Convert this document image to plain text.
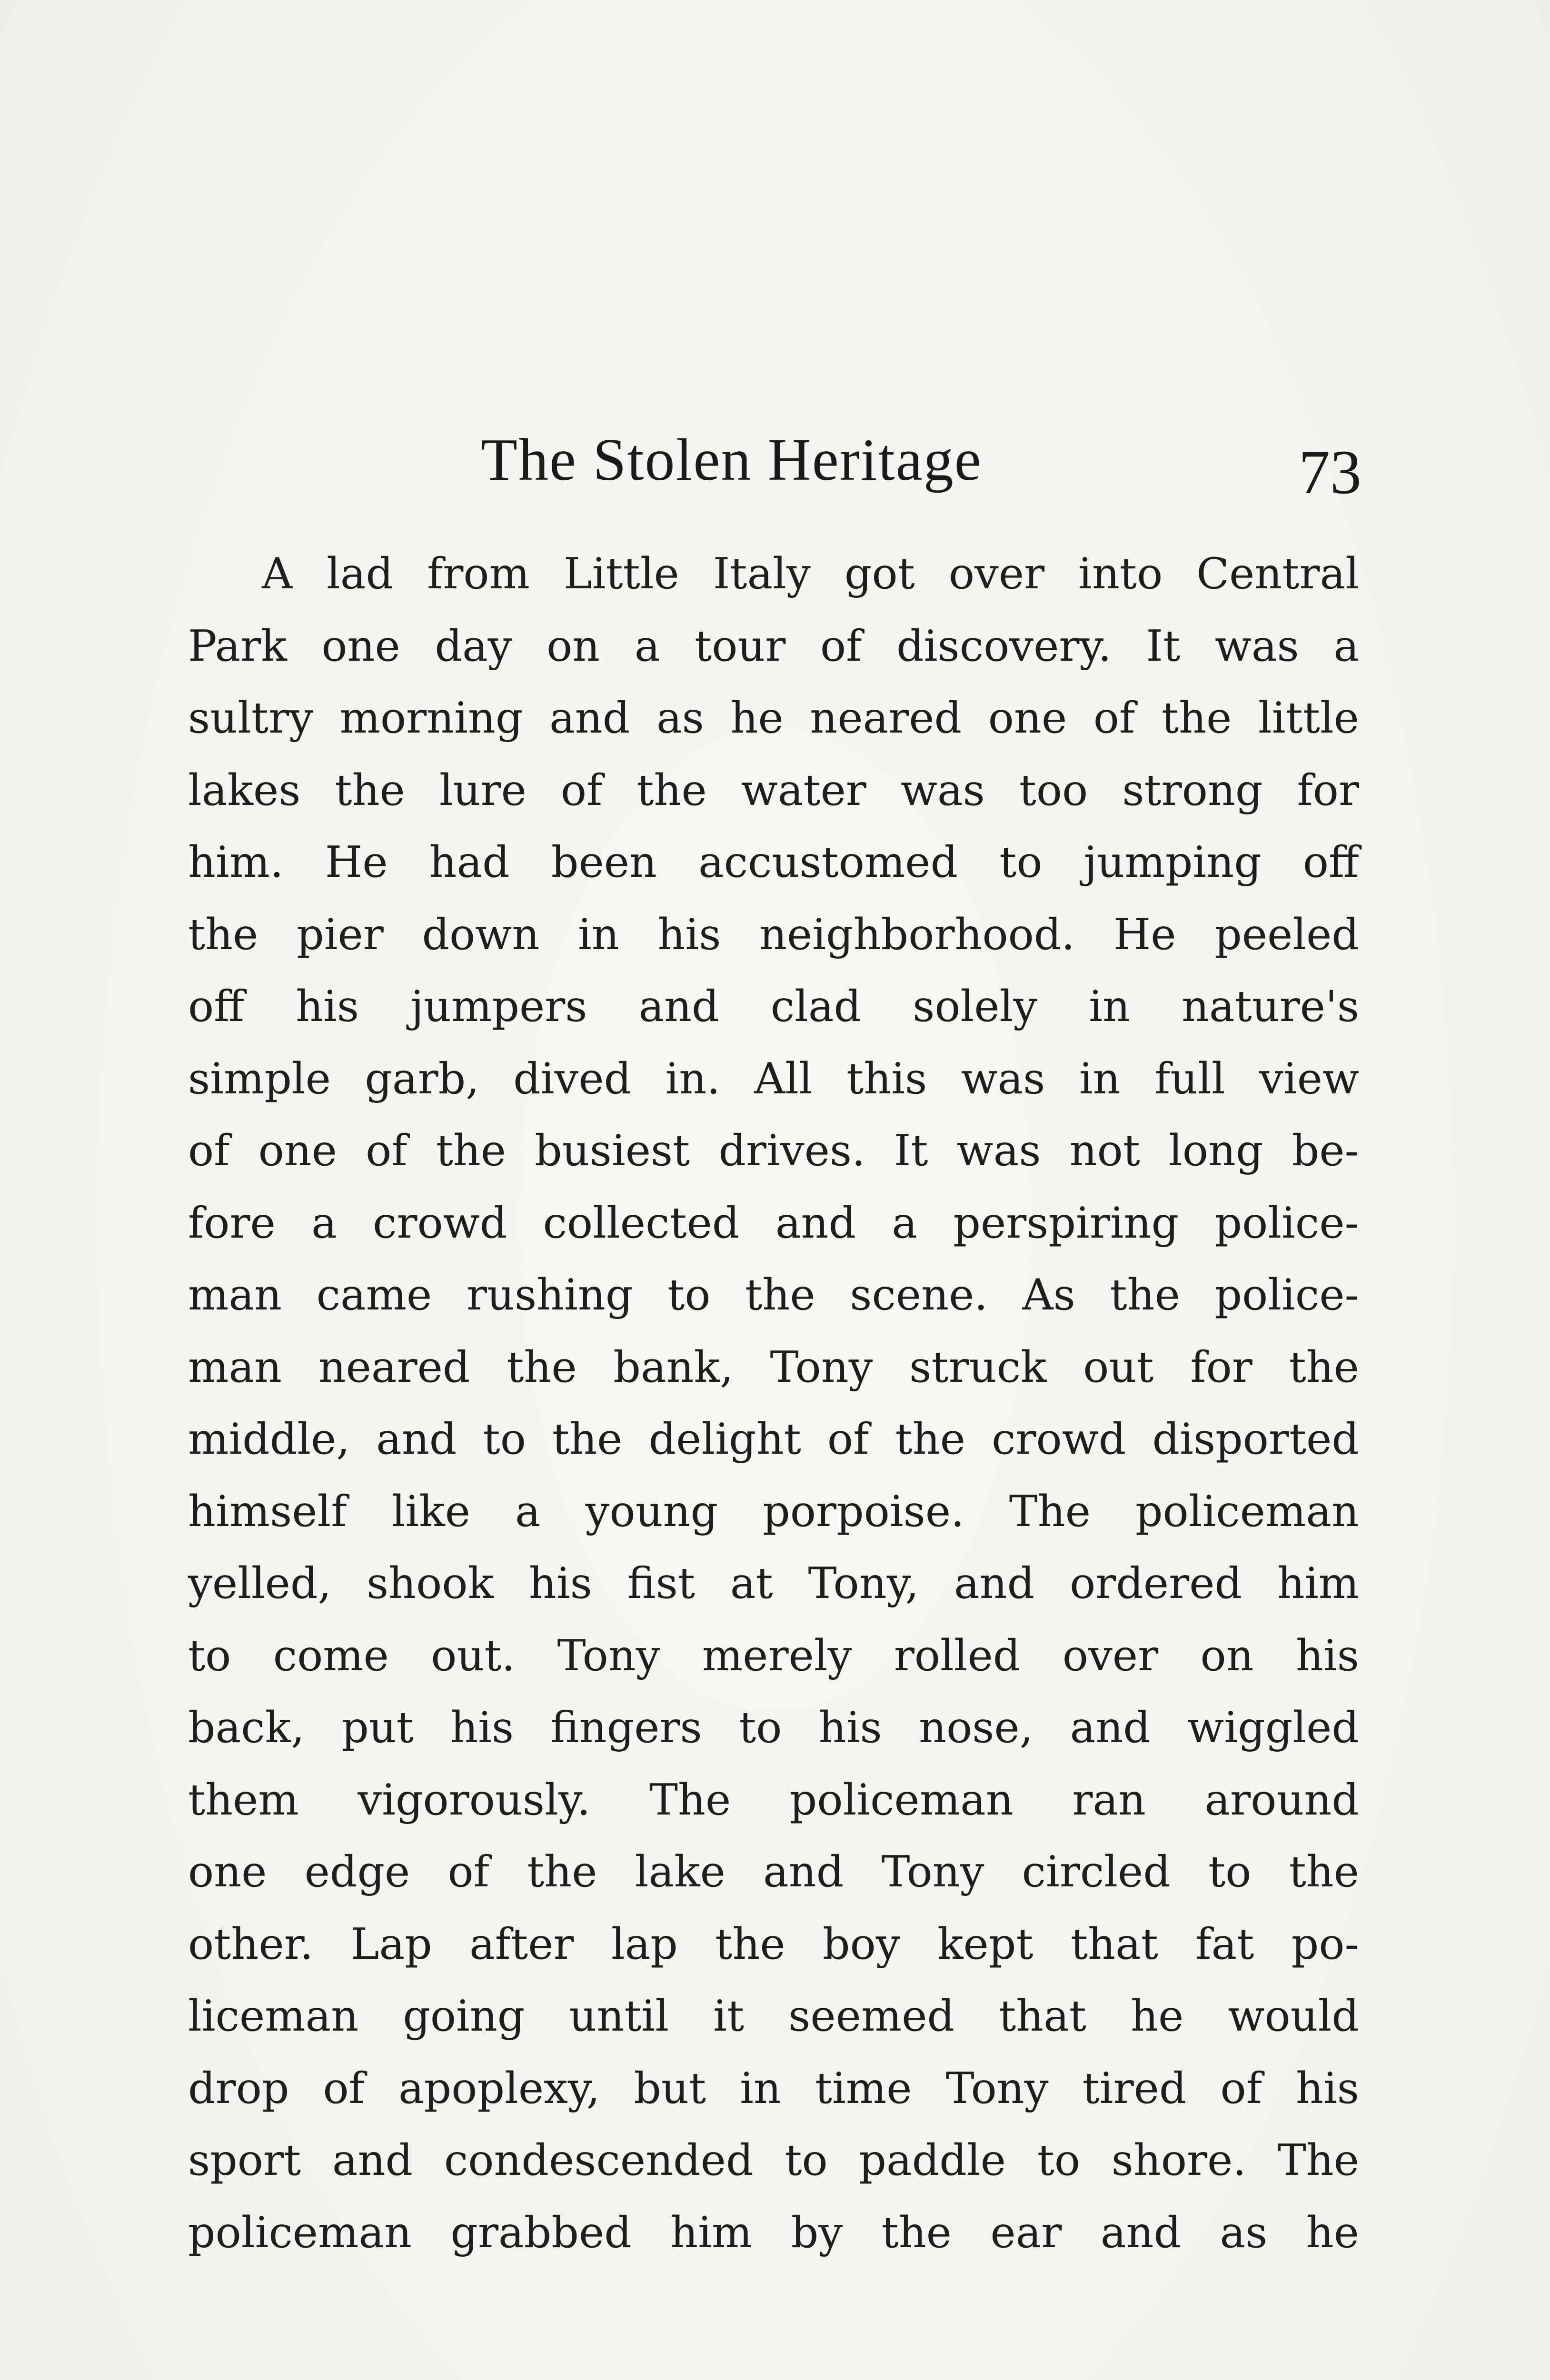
The Stolen Heritage	73
A lad from Little Italy got over into Central
Park one day on a tour of discovery. It was a
sultry morning and as he neared one of the little
lakes the lure of the water was too strong for
him. He had been accustomed to jumping off
the pier down in his neighborhood. He peeled
off his jumpers and clad solely in nature's
simple garb, dived in. All this was in full view
of one of the busiest drives. It was not long be-
fore a crowd collected and a perspiring police-
man came rushing to the scene. As the police-
man neared the bank, Tony struck out for the
middle, and to the delight of the crowd disported
himself like a young porpoise. The policeman
yelled, shook his fist at Tony, and ordered him
to come out. Tony merely rolled over on his
back, put his fingers to his nose, and wiggled
them vigorously. The policeman ran around
one edge of the lake and Tony circled to the
other. Lap after lap the boy kept that fat po-
liceman going until it seemed that he would
drop of apoplexy, but in time Tony tired of his
sport and condescended to paddle to shore. The
policeman grabbed him by the ear and as he
